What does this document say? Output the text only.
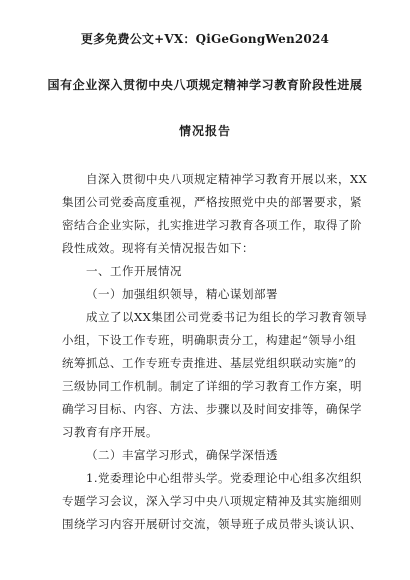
更多免费公文+VX：QiGeGongWen2024
国有企业深入贯彻中央八项规定精神学习教育阶段性进展
情况报告
自深入贯彻中央八项规定精神学习教育开展以来，XX
集团公司党委高度重视，严格按照党中央的部署要求，紧
密结合企业实际，扎实推进学习教育各项工作，取得了阶
段性成效。现将有关情况报告如下：
一、工作开展情况
（一）加强组织领导，精心谋划部署
成立了以XX集团公司党委书记为组长的学习教育领导
小组，下设工作专班，明确职责分工，构建起“领导小组
统筹抓总、工作专班专责推进、基层党组织联动实施”的
三级协同工作机制。制定了详细的学习教育工作方案，明
确学习目标、内容、方法、步骤以及时间安排等，确保学
习教育有序开展。
（二）丰富学习形式，确保学深悟透
1.党委理论中心组带头学。党委理论中心组多次组织
专题学习会议，深入学习中央八项规定精神及其实施细则
围绕学习内容开展研讨交流，领导班子成员带头谈认识、
